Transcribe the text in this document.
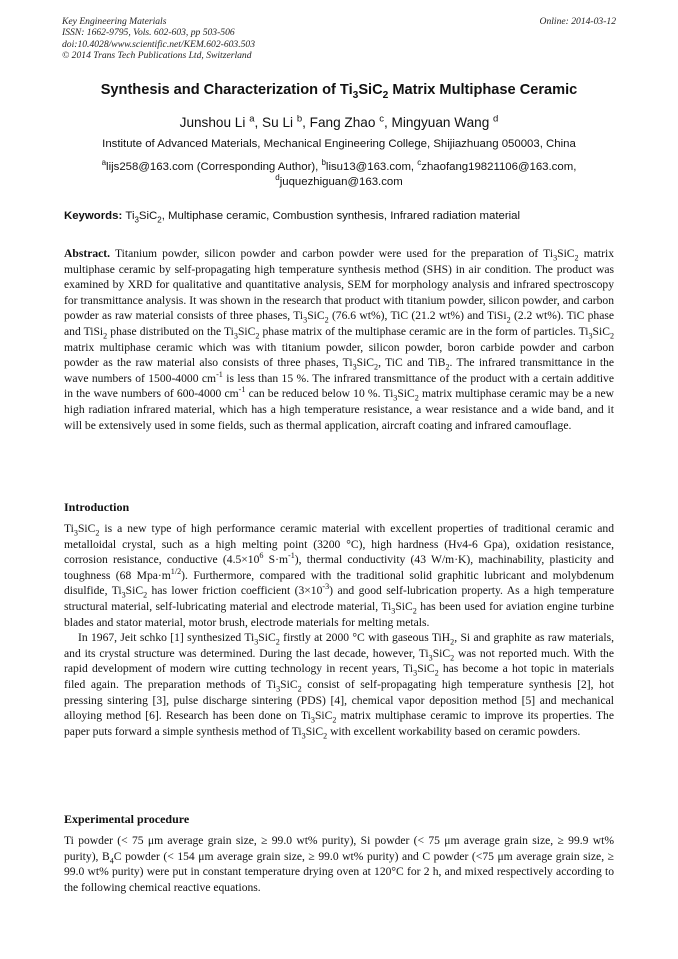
Key Engineering Materials
ISSN: 1662-9795, Vols. 602-603, pp 503-506
doi:10.4028/www.scientific.net/KEM.602-603.503
© 2014 Trans Tech Publications Ltd, Switzerland
Online: 2014-03-12
Synthesis and Characterization of $Ti_3SiC_2$ Matrix Multiphase Ceramic
Junshou Li $^a$, Su Li $^b$, Fang Zhao $^c$, Mingyuan Wang $^d$
Institute of Advanced Materials, Mechanical Engineering College, Shijiazhuang 050003, China
$^a$lijs258@163.com (Corresponding Author), $^b$lisu13@163.com, $^c$zhaofang19821106@163.com,
$^d$juquezhiguan@163.com
Keywords: $Ti_3SiC_2$, Multiphase ceramic, Combustion synthesis, Infrared radiation material

Abstract. Titanium powder, silicon powder and carbon powder were used for the preparation of $Ti_3SiC_2$ matrix multiphase ceramic by self-propagating high temperature synthesis method (SHS) in air condition. The product was examined by XRD for qualitative and quantitative analysis, SEM for morphology analysis and infrared spectroscopy for transmittance analysis. It was shown in the research that product with titanium powder, silicon powder, and carbon powder as raw material consists of three phases, $Ti_3SiC_2$ (76.6 wt%), TiC (21.2 wt%) and TiSi$_2$ (2.2 wt%). TiC phase and TiSi$_2$ phase distributed on the $Ti_3SiC_2$ phase matrix of the multiphase ceramic are in the form of particles. $Ti_3SiC_2$ matrix multiphase ceramic which was with titanium powder, silicon powder, boron carbide powder and carbon powder as the raw material also consists of three phases, $Ti_3SiC_2$, TiC and TiB$_2$. The infrared transmittance in the wave numbers of 1500-4000 $cm^{-1}$ is less than 15 %. The infrared transmittance of the product with a certain additive in the wave numbers of 600-4000 $cm^{-1}$ can be reduced below 10 %. $Ti_3SiC_2$ matrix multiphase ceramic may be a new high radiation infrared material, which has a high temperature resistance, a wear resistance and a wide band, and it will be extensively used in some fields, such as thermal application, aircraft coating and infrared camouflage.

Introduction

$Ti_3SiC_2$ is a new type of high performance ceramic material with excellent properties of traditional ceramic and metalloidal crystal, such as a high melting point (3200 °C), high hardness (Hv4-6 Gpa), oxidation resistance, corrosion resistance, conductive ($4.5\times 10^6$ $S\cdot m^{-1}$), thermal conductivity (43 W/m·K), machinability, plasticity and toughness (68 $Mpa\cdot m^{1/2}$). Furthermore, compared with the traditional solid graphitic lubricant and molybdenum disulfide, $Ti_3SiC_2$ has lower friction coefficient $(3\times 10^{-3})$ and good self-lubrication property. As a high temperature structural material, self-lubricating material and electrode material, $Ti_3SiC_2$ has been used for aviation engine turbine blades and stator material, motor brush, electrode materials for melting metals.

In 1967, Jeit schko [1] synthesized $Ti_3SiC_2$ firstly at 2000 °C with gaseous TiH$_2$, Si and graphite as raw materials, and its crystal structure was determined. During the last decade, however, $Ti_3SiC_2$ was not reported much. With the rapid development of modern wire cutting technology in recent years, $Ti_3SiC_2$ has become a hot topic in materials filed again. The preparation methods of $Ti_3SiC_2$ consist of self-propagating high temperature synthesis [2], hot pressing sintering [3], pulse discharge sintering (PDS) [4], chemical vapor deposition method [5] and mechanical alloying method [6]. Research has been done on $Ti_3SiC_2$ matrix multiphase ceramic to improve its properties. The paper puts forward a simple synthesis method of $Ti_3SiC_2$ with excellent workability based on ceramic powders.

Experimental procedure

Ti powder (< 75 μm average grain size, ≥ 99.0 wt% purity), Si powder (< 75 μm average grain size, ≥ 99.9 wt% purity), $B_4C$ powder (< 154 μm average grain size, ≥ 99.0 wt% purity) and C powder (<75 μm average grain size, ≥ 99.0 wt% purity) were put in constant temperature drying oven at 120°C for 2 h, and mixed respectively according to the following chemical reactive equations.
